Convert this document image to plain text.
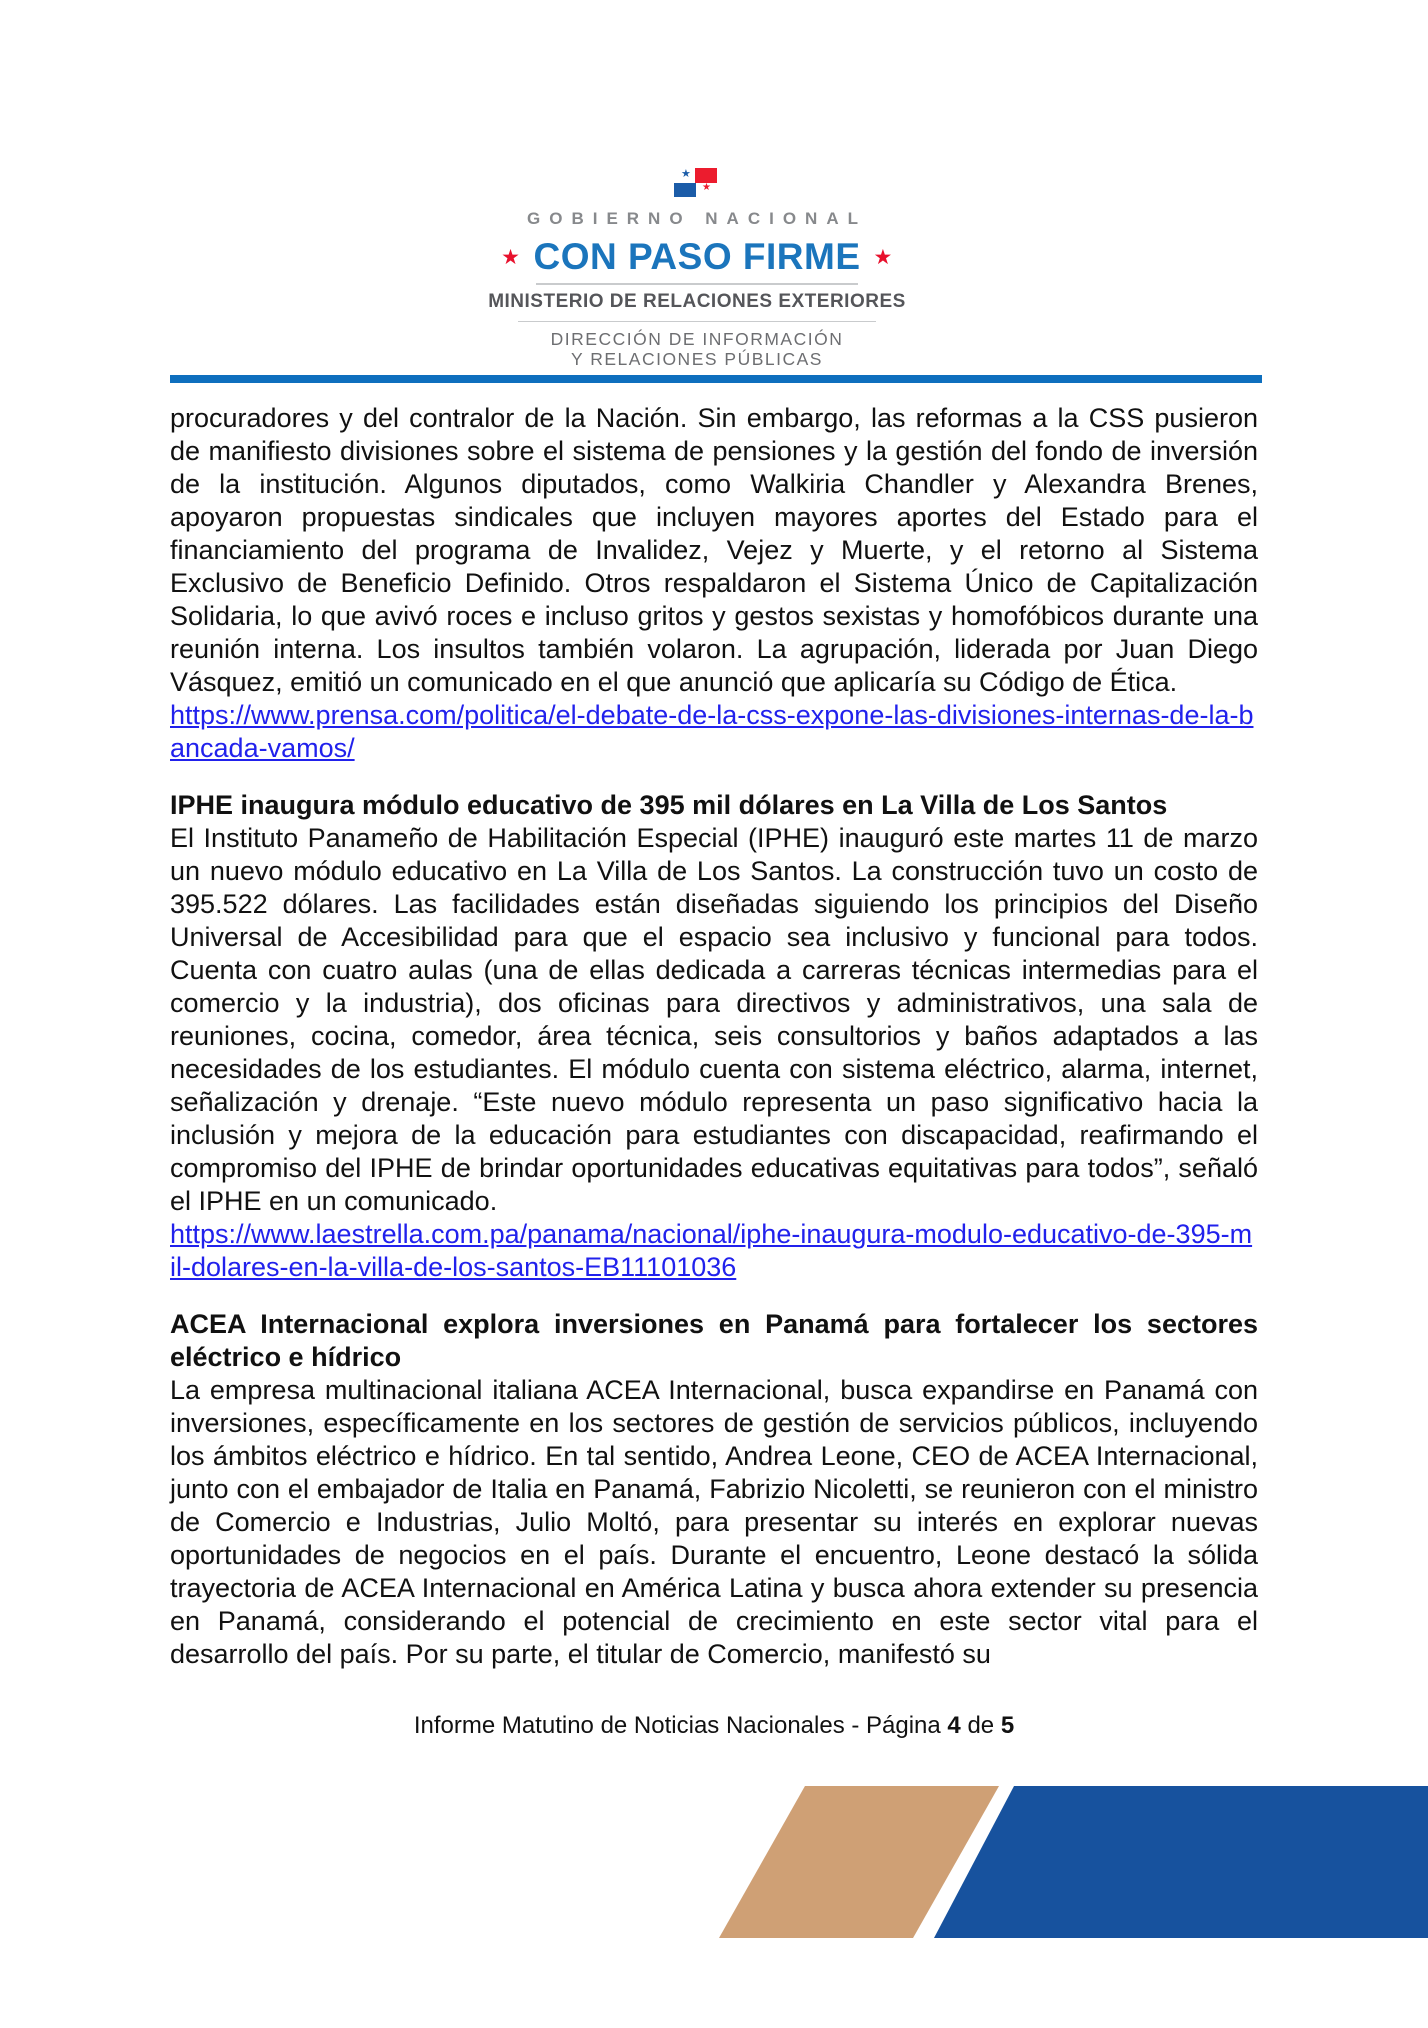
★
★
GOBIERNO NACIONAL
★ CON PASO FIRME ★
MINISTERIO DE RELACIONES EXTERIORES
DIRECCIÓN DE INFORMACIÓN
Y RELACIONES PÚBLICAS

procuradores y del contralor de la Nación. Sin embargo, las reformas a la CSS pusieron de manifiesto divisiones sobre el sistema de pensiones y la gestión del fondo de inversión de la institución. Algunos diputados, como Walkiria Chandler y Alexandra Brenes, apoyaron propuestas sindicales que incluyen mayores aportes del Estado para el financiamiento del programa de Invalidez, Vejez y Muerte, y el retorno al Sistema Exclusivo de Beneficio Definido. Otros respaldaron el Sistema Único de Capitalización Solidaria, lo que avivó roces e incluso gritos y gestos sexistas y homofóbicos durante una reunión interna. Los insultos también volaron. La agrupación, liderada por Juan Diego Vásquez, emitió un comunicado en el que anunció que aplicaría su Código de Ética.

https://www.prensa.com/politica/el-debate-de-la-css-expone-las-divisiones-internas-de-la-bancada-vamos/
IPHE inaugura módulo educativo de 395 mil dólares en La Villa de Los Santos

El Instituto Panameño de Habilitación Especial (IPHE) inauguró este martes 11 de marzo un nuevo módulo educativo en La Villa de Los Santos. La construcción tuvo un costo de 395.522 dólares. Las facilidades están diseñadas siguiendo los principios del Diseño Universal de Accesibilidad para que el espacio sea inclusivo y funcional para todos. Cuenta con cuatro aulas (una de ellas dedicada a carreras técnicas intermedias para el comercio y la industria), dos oficinas para directivos y administrativos, una sala de reuniones, cocina, comedor, área técnica, seis consultorios y baños adaptados a las necesidades de los estudiantes. El módulo cuenta con sistema eléctrico, alarma, internet, señalización y drenaje. “Este nuevo módulo representa un paso significativo hacia la inclusión y mejora de la educación para estudiantes con discapacidad, reafirmando el compromiso del IPHE de brindar oportunidades educativas equitativas para todos”, señaló el IPHE en un comunicado.

https://www.laestrella.com.pa/panama/nacional/iphe-inaugura-modulo-educativo-de-395-mil-dolares-en-la-villa-de-los-santos-EB11101036
ACEA Internacional explora inversiones en Panamá para fortalecer los sectores eléctrico e hídrico

La empresa multinacional italiana ACEA Internacional, busca expandirse en Panamá con inversiones, específicamente en los sectores de gestión de servicios públicos, incluyendo los ámbitos eléctrico e hídrico. En tal sentido, Andrea Leone, CEO de ACEA Internacional, junto con el embajador de Italia en Panamá, Fabrizio Nicoletti, se reunieron con el ministro de Comercio e Industrias, Julio Moltó, para presentar su interés en explorar nuevas oportunidades de negocios en el país. Durante el encuentro, Leone destacó la sólida trayectoria de ACEA Internacional en América Latina y busca ahora extender su presencia en Panamá, considerando el potencial de crecimiento en este sector vital para el desarrollo del país. Por su parte, el titular de Comercio, manifestó su

Informe Matutino de Noticias Nacionales - Página 4 de 5
